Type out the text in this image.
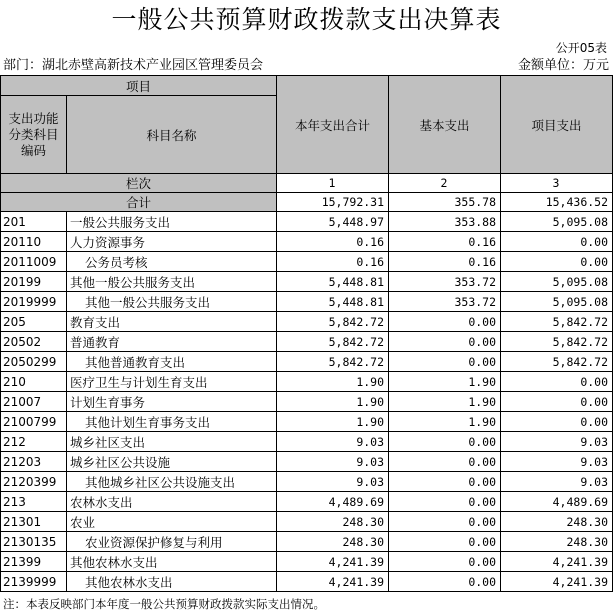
一般公共预算财政拨款支出决算表
公开05表
部门：湖北赤壁高新技术产业园区管理委员会	金额单位：万元
项目		本年支出合计	基本支出	项目支出
支出功能分类科目编码	科目名称			
栏次		1	2	3
合计		15,792.31	355.78	15,436.52
201	一般公共服务支出	5,448.97	353.88	5,095.08
20110	人力资源事务	0.16	0.16	0.00
2011009	公务员考核	0.16	0.16	0.00
20199	其他一般公共服务支出	5,448.81	353.72	5,095.08
2019999	其他一般公共服务支出	5,448.81	353.72	5,095.08
205	教育支出	5,842.72	0.00	5,842.72
20502	普通教育	5,842.72	0.00	5,842.72
2050299	其他普通教育支出	5,842.72	0.00	5,842.72
210	医疗卫生与计划生育支出	1.90	1.90	0.00
21007	计划生育事务	1.90	1.90	0.00
2100799	其他计划生育事务支出	1.90	1.90	0.00
212	城乡社区支出	9.03	0.00	9.03
21203	城乡社区公共设施	9.03	0.00	9.03
2120399	其他城乡社区公共设施支出	9.03	0.00	9.03
213	农林水支出	4,489.69	0.00	4,489.69
21301	农业	248.30	0.00	248.30
2130135	农业资源保护修复与利用	248.30	0.00	248.30
21399	其他农林水支出	4,241.39	0.00	4,241.39
2139999	其他农林水支出	4,241.39	0.00	4,241.39
注：本表反映部门本年度一般公共预算财政拨款实际支出情况。
